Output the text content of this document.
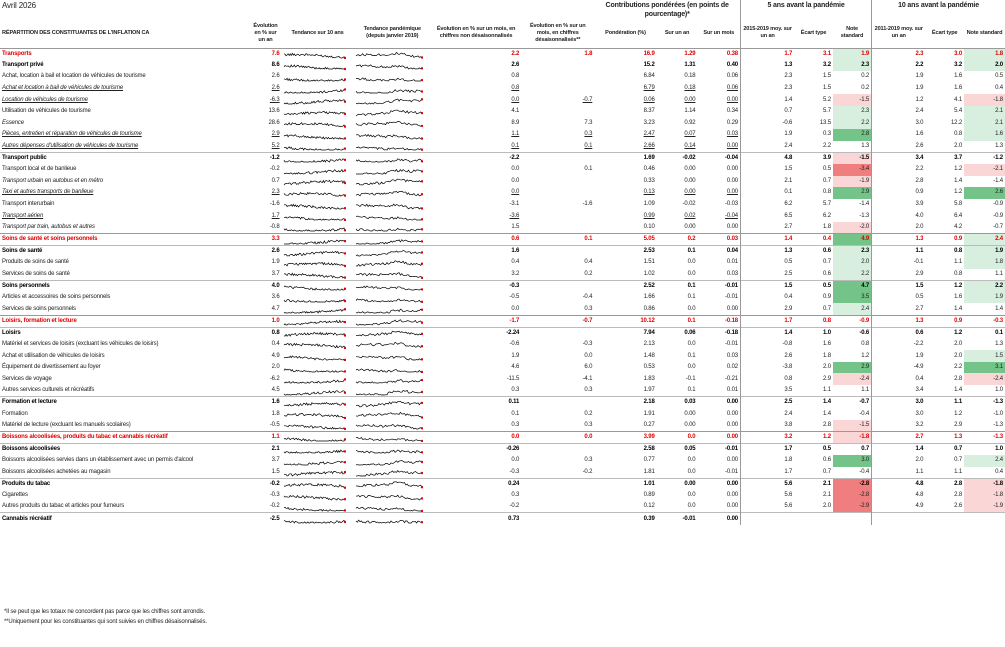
Avril 2026						Contributions pondérées (en points de pourcentage)*			5 ans avant la pandémie			10 ans avant la pandémie		
RÉPARTITION DES CONSTITUANTES DE L'INFLATION CA	Évolution en % sur un an	Tendance sur 10 ans	Tendance pandémique (depuis janvier 2019)	Évolution en % sur un mois, en chiffres non désaisonnalisés	Évolution en % sur un mois, en chiffres désaisonnalisés**	Pondération (%)	Sur un an	Sur un mois	2015-2019 moy. sur un an	Écart type	Note standard	2011-2019 moy. sur un an	Écart type	Note standard
Transports	7.6			2.2	1.8	16.9	1.29	0.38	1.7	3.1	1.9	2.3	3.0	1.8
Transport privé	8.6			2.6		15.2	1.31	0.40	1.3	3.2	2.3	2.2	3.2	2.0
Achat, location à bail et location de véhicules de tourisme	2.6			0.8		6.84	0.18	0.06	2.3	1.5	0.2	1.9	1.6	0.5
Achat et location à bail de véhicules de tourisme	2.6			0.8		6.79	0.18	0.06	2.3	1.5	0.2	1.9	1.6	0.4
Location de véhicules de tourisme	-6.3			0.0	-0.7	0.06	0.00	0.00	1.4	5.2	-1.5	1.2	4.1	-1.8
Utilisation de véhicules de tourisme	13.6			4.1		8.37	1.14	0.34	0.7	5.7	2.3	2.4	5.4	2.1
Essence	28.6			8.9	7.3	3.23	0.92	0.29	-0.6	13.5	2.2	3.0	12.2	2.1
Pièces, entretien et réparation de véhicules de tourisme	2.9			1.1	0.3	2.47	0.07	0.03	1.9	0.3	2.8	1.6	0.8	1.6
Autres dépenses d'utilisation de véhicules de tourisme	5.2			0.1	0.1	2.66	0.14	0.00	2.4	2.2	1.3	2.6	2.0	1.3
Transport public	-1.2			-2.2		1.69	-0.02	-0.04	4.8	3.9	-1.5	3.4	3.7	-1.2
Transport local et de banlieue	-0.2			0.0	0.1	0.46	0.00	0.00	1.5	0.5	-3.4	2.2	1.2	-2.1
Transport urbain en autobus et en métro	0.7			0.0		0.33	0.00	0.00	2.1	0.7	-1.9	2.8	1.4	-1.4
Taxi et autres transports de banlieue	2.3			0.0		0.13	0.00	0.00	0.1	0.8	2.9	0.9	1.2	2.6
Transport interurbain	-1.6			-3.1	-1.6	1.09	-0.02	-0.03	6.2	5.7	-1.4	3.9	5.8	-0.9
Transport aérien	1.7			-3.6		0.99	0.02	-0.04	6.5	6.2	-1.3	4.0	6.4	-0.9
Transport par train, autobus et autres	-0.8			1.5		0.10	0.00	0.00	2.7	1.8	-2.0	2.0	4.2	-0.7
Soins de santé et soins personnels	3.3			0.6	0.1	5.05	0.2	0.03	1.4	0.4	4.9	1.3	0.9	2.4
Soins de santé	2.6			1.6		2.53	0.1	0.04	1.3	0.6	2.3	1.1	0.8	1.9
Produits de soins de santé	1.9			0.4	0.4	1.51	0.0	0.01	0.5	0.7	2.0	-0.1	1.1	1.8
Services de soins de santé	3.7			3.2	0.2	1.02	0.0	0.03	2.5	0.6	2.2	2.9	0.8	1.1
Soins personnels	4.0			-0.3		2.52	0.1	-0.01	1.5	0.5	4.7	1.5	1.2	2.2
Articles et accessoires de soins personnels	3.6			-0.5	-0.4	1.66	0.1	-0.01	0.4	0.9	3.5	0.5	1.6	1.9
Services de soins personnels	4.7			0.0	0.3	0.86	0.0	0.00	2.9	0.7	2.4	2.7	1.4	1.4
Loisirs, formation et lecture	1.0			-1.7	-0.7	10.12	0.1	-0.18	1.7	0.8	-0.9	1.3	0.9	-0.3
Loisirs	0.8			-2.24		7.94	0.06	-0.18	1.4	1.0	-0.6	0.6	1.2	0.1
Matériel et services de loisirs (excluant les véhicules de loisirs)	0.4			-0.6	-0.3	2.13	0.0	-0.01	-0.8	1.6	0.8	-2.2	2.0	1.3
Achat et utilisation de véhicules de loisirs	4.9			1.9	0.0	1.48	0.1	0.03	2.6	1.8	1.2	1.9	2.0	1.5
Équipement de divertissement au foyer	2.0			4.6	6.0	0.53	0.0	0.02	-3.8	2.0	2.9	-4.9	2.2	3.1
Services de voyage	-6.2			-11.5	-4.1	1.83	-0.1	-0.21	0.8	2.9	-2.4	0.4	2.8	-2.4
Autres services culturels et récréatifs	4.5			0.3	0.3	1.97	0.1	0.01	3.5	1.1	1.1	3.4	1.4	1.0
Formation et lecture	1.6			0.11		2.18	0.03	0.00	2.5	1.4	-0.7	3.0	1.1	-1.3
Formation	1.8			0.1	0.2	1.91	0.00	0.00	2.4	1.4	-0.4	3.0	1.2	-1.0
Matériel de lecture (excluant les manuels scolaires)	-0.5			0.3	0.3	0.27	0.00	0.00	3.8	2.8	-1.5	3.2	2.9	-1.3
Boissons alcoolisées, produits du tabac et cannabis récréatif	1.1			0.0	0.0	3.99	0.0	0.00	3.2	1.2	-1.8	2.7	1.3	-1.3
Boissons alcoolisées	2.1			-0.26		2.58	0.05	-0.01	1.7	0.5	0.7	1.4	0.7	1.0
Boissons alcoolisées servies dans un établissement avec un permis d'alcool	3.7			0.0	0.3	0.77	0.0	0.00	1.8	0.6	3.0	2.0	0.7	2.4
Boissons alcoolisées achetées au magasin	1.5			-0.3	-0.2	1.81	0.0	-0.01	1.7	0.7	-0.4	1.1	1.1	0.4
Produits du tabac	-0.2			0.24		1.01	0.00	0.00	5.6	2.1	-2.8	4.8	2.8	-1.8
Cigarettes	-0.3			0.3		0.89	0.0	0.00	5.6	2.1	-2.8	4.8	2.8	-1.8
Autres produits du tabac et articles pour fumeurs	-0.2			-0.2		0.12	0.0	0.00	5.6	2.0	-2.9	4.9	2.6	-1.9
Cannabis récréatif	-2.5			0.73		0.39	-0.01	0.00						
*Il se peut que les totaux ne concordent pas parce que les chiffres sont arrondis.
**Uniquement pour les constituantes qui sont suivies en chiffres désaisonnalisés.
